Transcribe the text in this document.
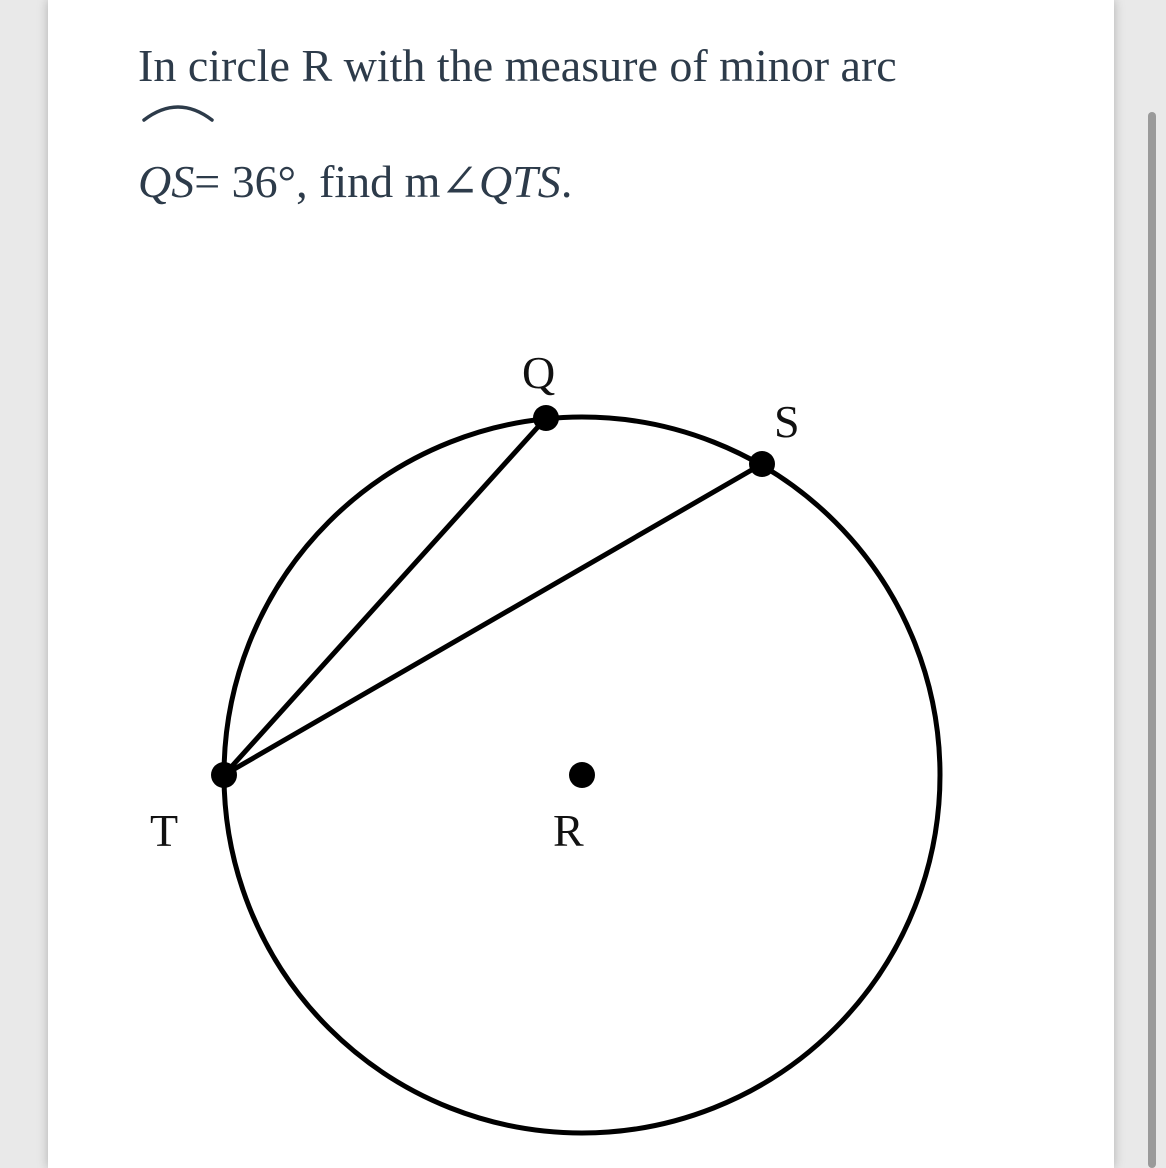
In circle R with the measure of minor arc
QS= 36°, find m∠QTS.
Q
S
T	R
